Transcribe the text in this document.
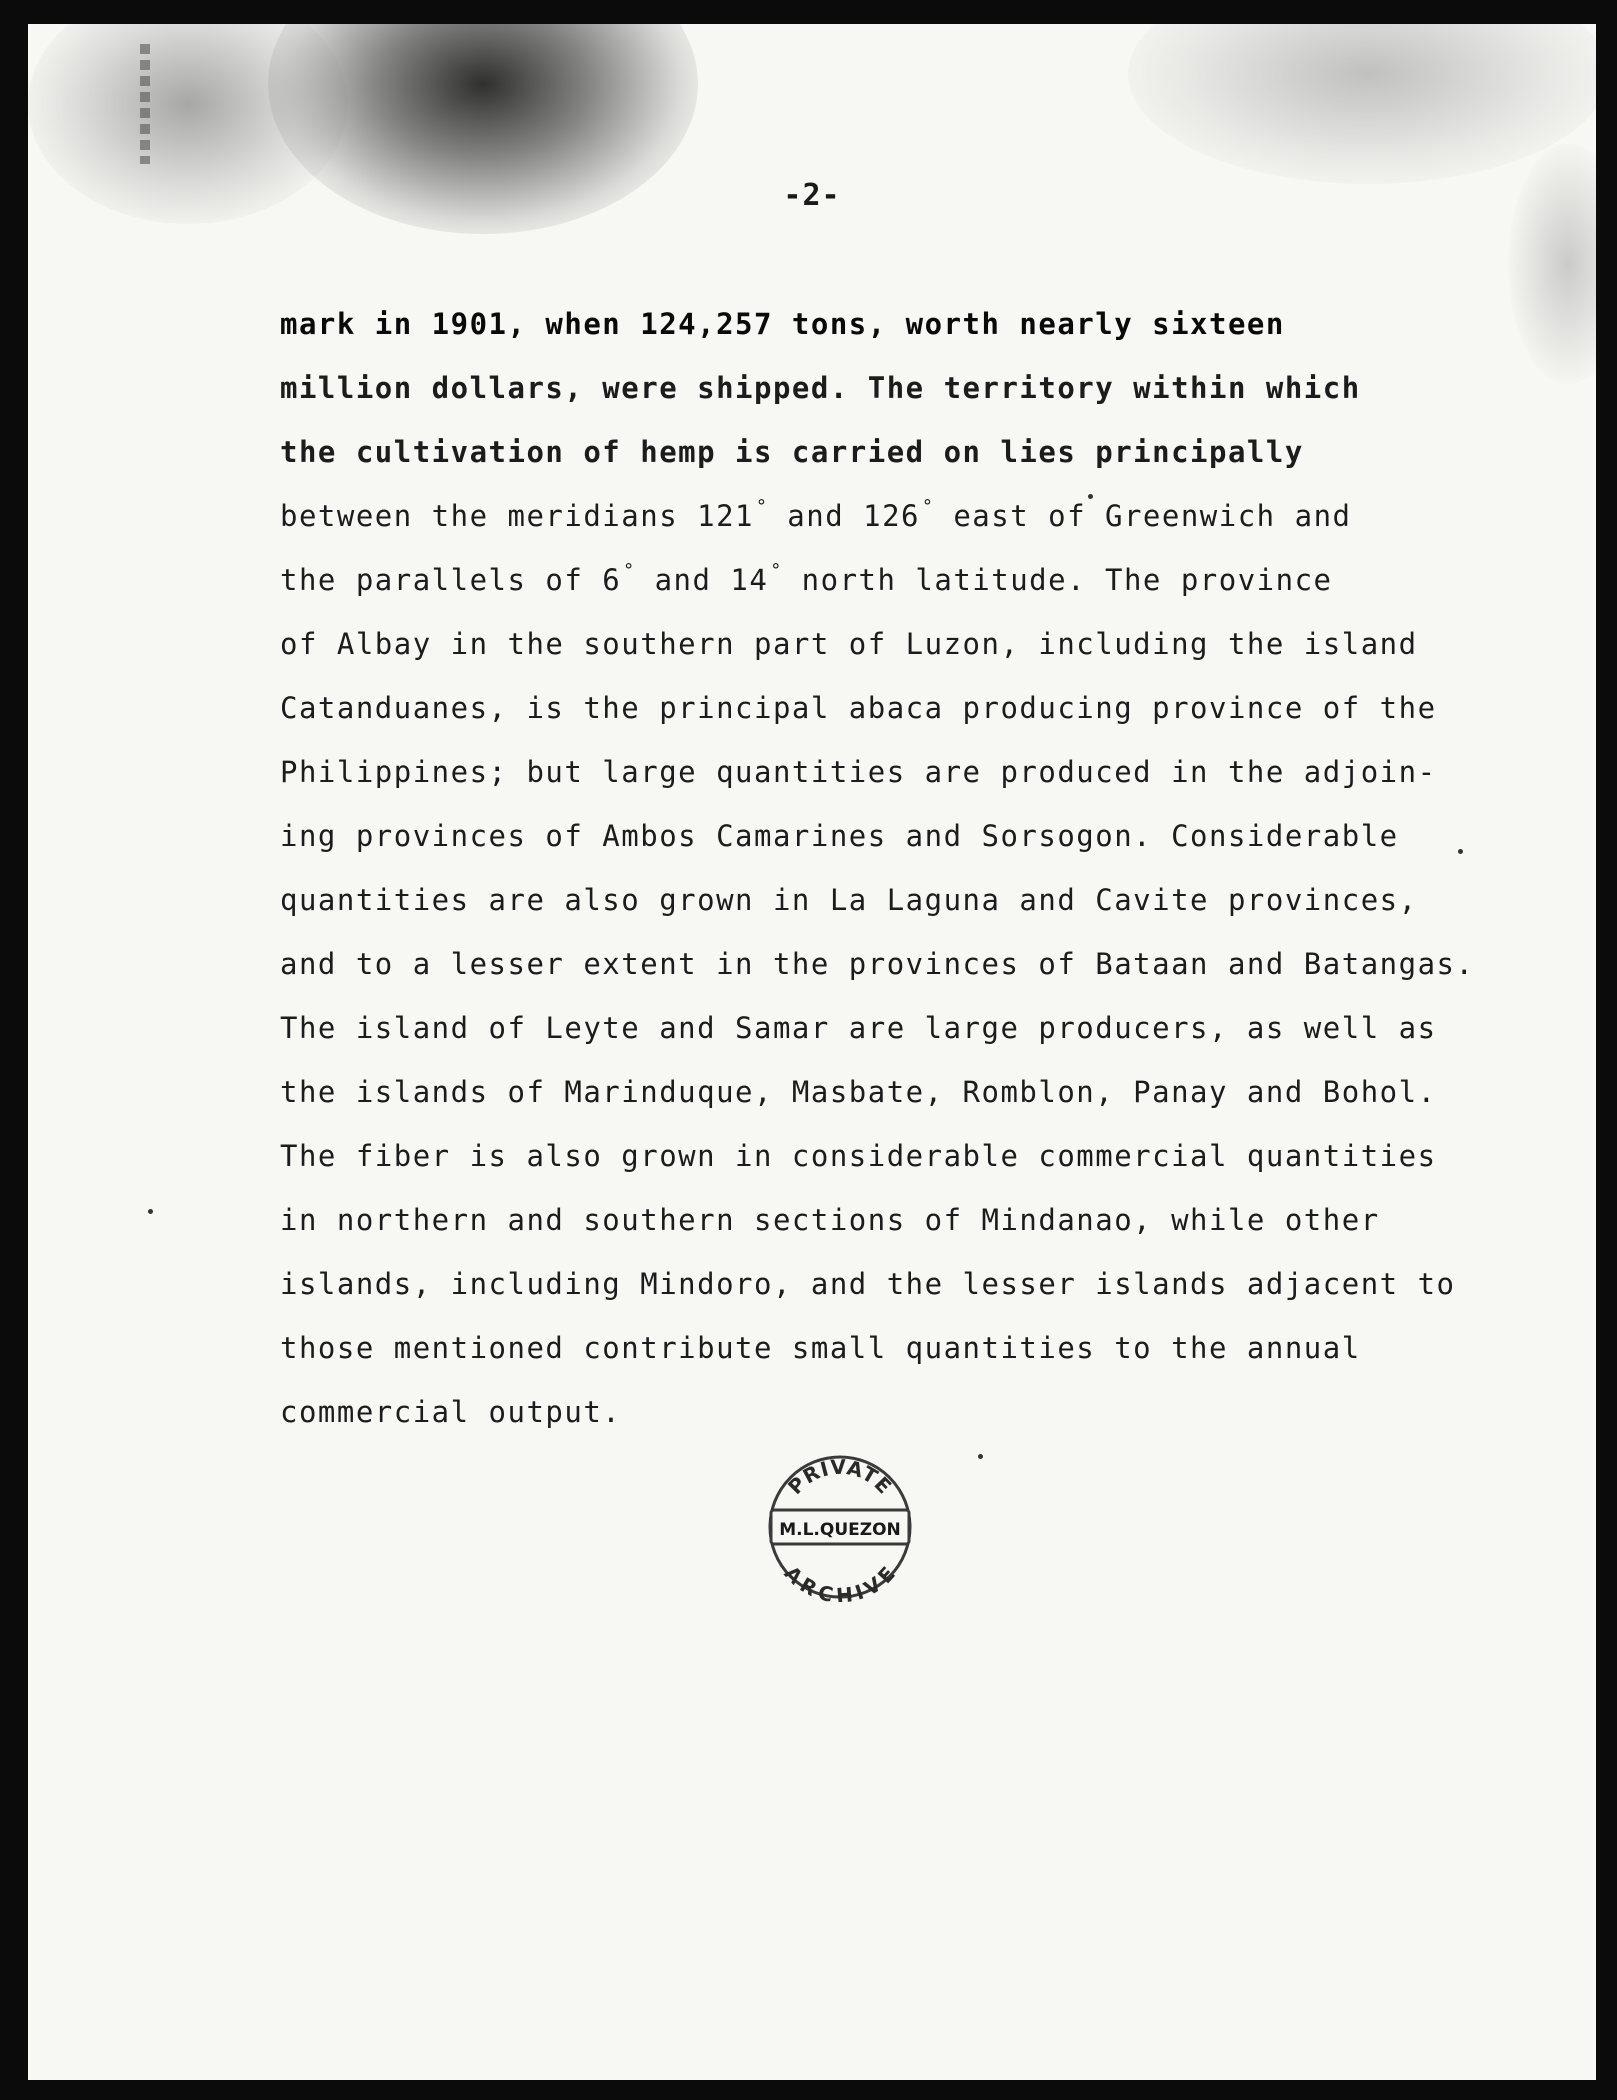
-2-
mark in 1901, when 124,257 tons, worth nearly sixteen
million dollars, were shipped. The territory within which
the cultivation of hemp is carried on lies principally
between the meridians 121 ° and 126 ° east of Greenwich and
the parallels of 6 ° and 14 ° north latitude. The province
of Albay in the southern part of Luzon, including the island
Catanduanes, is the principal abaca producing province of the
Philippines; but large quantities are produced in the adjoin-
ing provinces of Ambos Camarines and Sorsogon. Considerable
quantities are also grown in La Laguna and Cavite provinces,
and to a lesser extent in the provinces of Bataan and Batangas.
The island of Leyte and Samar are large producers, as well as
the islands of Marinduque, Masbate, Romblon, Panay and Bohol.
The fiber is also grown in considerable commercial quantities
in northern and southern sections of Mindanao, while other
islands, including Mindoro, and the lesser islands adjacent to
those mentioned contribute small quantities to the annual
commercial output.
PRIVATE
M.L.QUEZON
ARCHIVE
